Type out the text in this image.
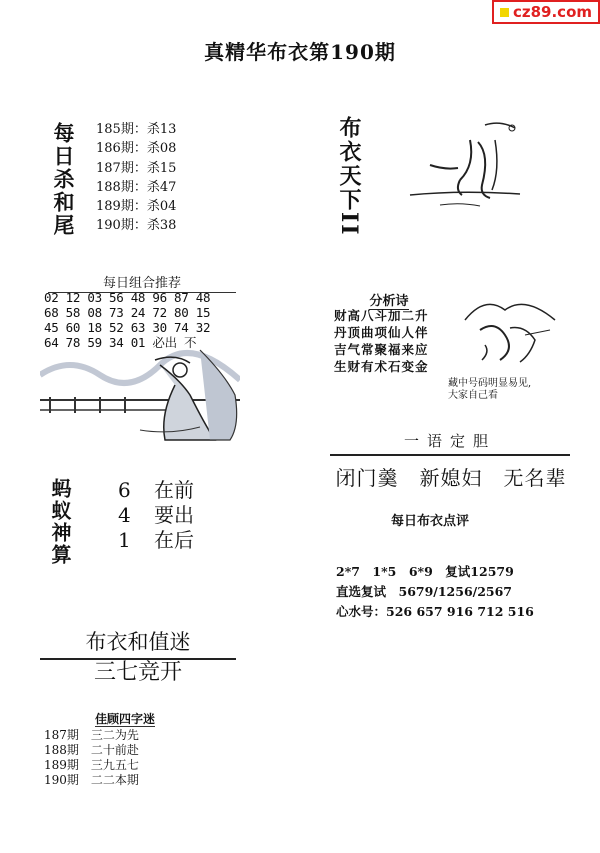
cz89.com
真精华布衣第190期
每日杀和尾 185期：杀13
186期：杀08
187期：杀15
188期：杀47
189期：杀04
190期：杀38
每日组合推荐
02 12 03 56 48 96 87 48
68 58 08 73 24 72 80 15
45 60 18 52 63 30 74 32
64 78 59 34 01 必出 不
蚂蚁神算 6 在前
4 要出
1 在后
布衣和值迷
三七竞开
佳顾四字迷
187期　三二为先
188期　二十前赴
189期　三九五七
190期　二二本期
布衣天下II
分析诗
财高八斗加二升
丹顶曲项仙人伴
吉气常聚福来应
生财有术石变金
藏中号码明显易见,
大家自己看
一语定胆
闭门羹　新媳妇　无名辈
每日布衣点评
2*7　1*5　6*9　复试12579
直选复试　5679/1256/2567
心水号：526 657 916 712 516
